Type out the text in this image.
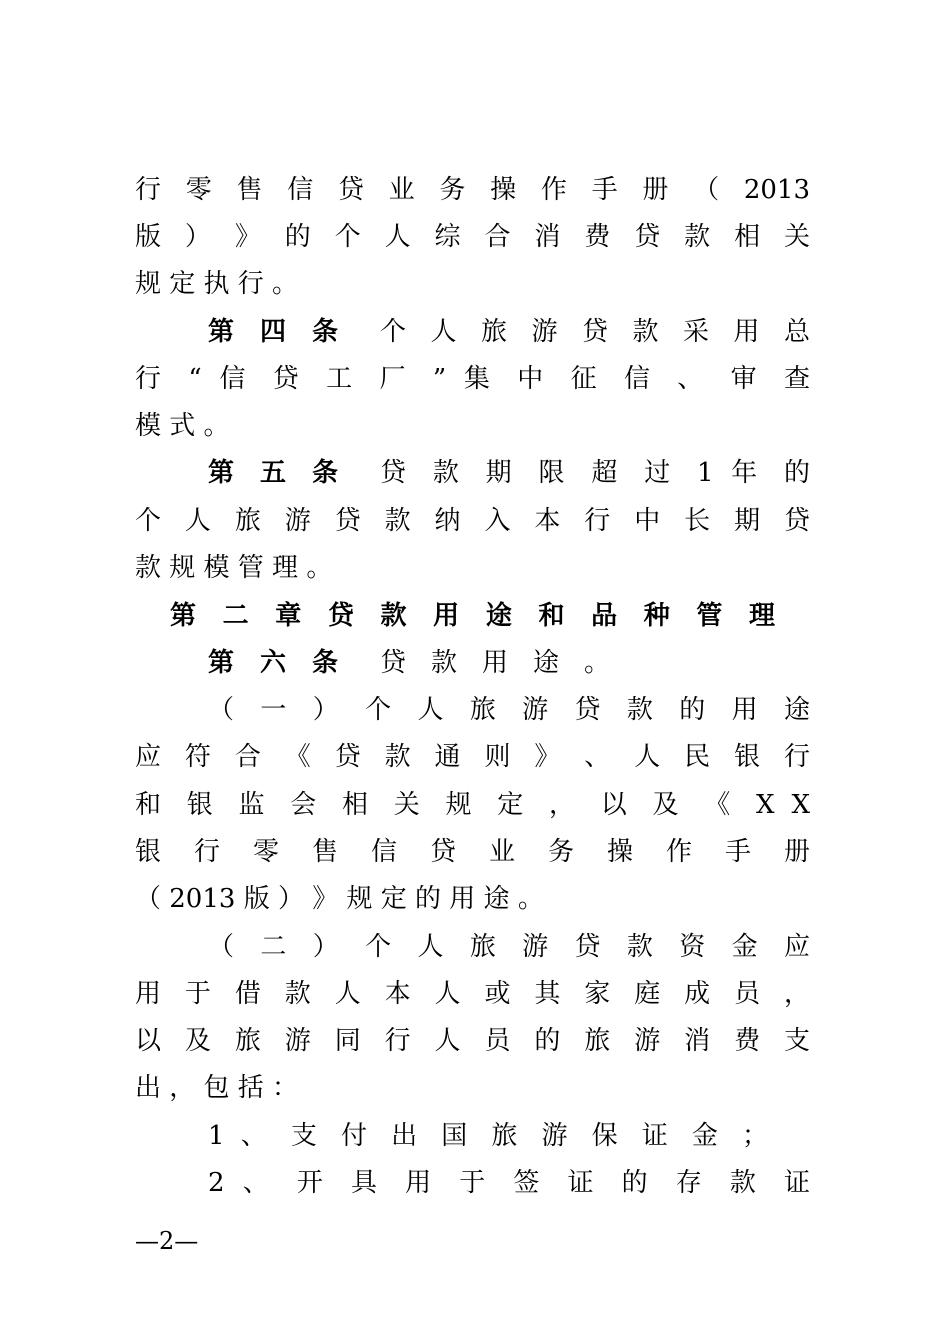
行 零 售 信 贷 业 务 操 作 手 册 （ 2013
版 ） 》 的 个 人 综 合 消 费 贷 款 相 关
规 定 执 行 。
第 四 条 个 人 旅 游 贷 款 采 用 总
行 “ 信 贷 工 厂 ” 集 中 征 信 、 审 查
模 式 。
第 五 条 贷 款 期 限 超 过 1 年 的
个 人 旅 游 贷 款 纳 入 本 行 中 长 期 贷
款 规 模 管 理 。
第 二 章 贷 款 用 途 和 品 种 管 理
第 六 条 贷 款 用 途 。
（ 一 ） 个 人 旅 游 贷 款 的 用 途
应 符 合 《 贷 款 通 则 》 、 人 民 银 行
和 银 监 会 相 关 规 定 ， 以 及 《 X X
银 行 零 售 信 贷 业 务 操 作 手 册
（ 2013 版 ） 》 规 定 的 用 途 。
（ 二 ） 个 人 旅 游 贷 款 资 金 应
用 于 借 款 人 本 人 或 其 家 庭 成 员 ，
以 及 旅 游 同 行 人 员 的 旅 游 消 费 支
出 ， 包 括 ：
1 、 支 付 出 国 旅 游 保 证 金 ；
2 、 开 具 用 于 签 证 的 存 款 证
—2—
